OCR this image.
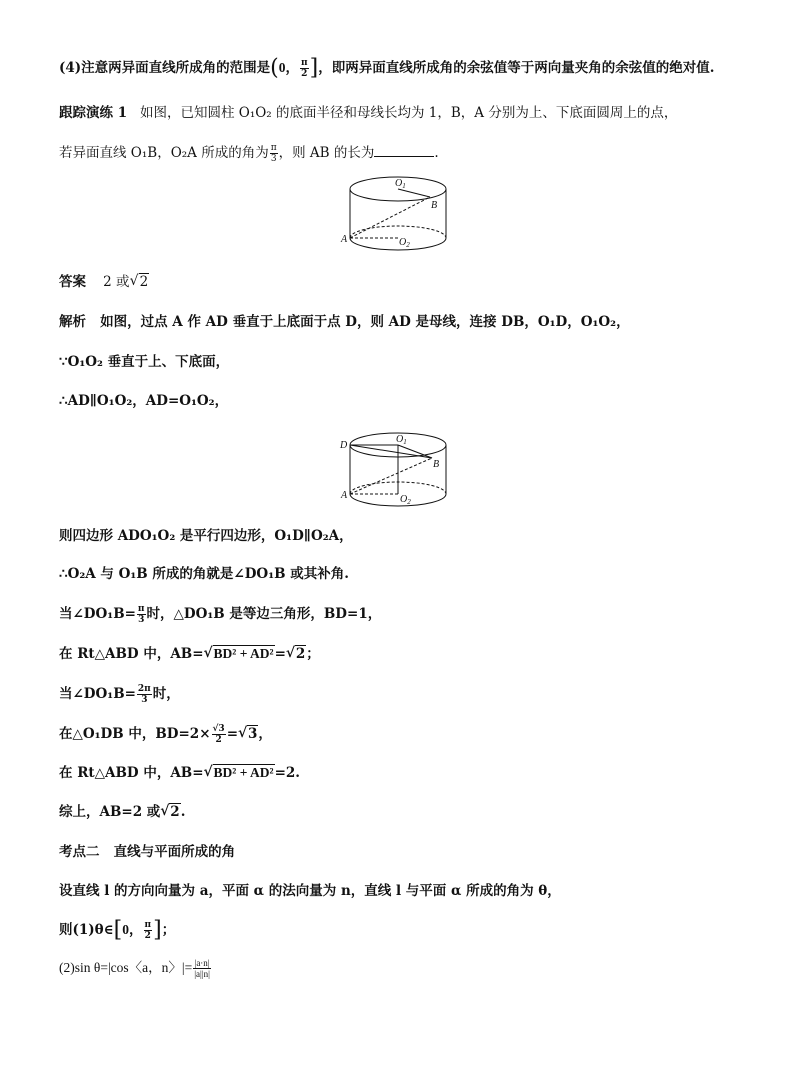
(4)注意两异面直线所成角的范围是(0， $\frac{\pi}{2}$ ]，即两异面直线所成角的余弦值等于两向量夹角的余弦值的绝对值.
跟踪演练 1 如图，已知圆柱 O₁O₂ 的底面半径和母线长均为 1，B，A 分别为上、下底面圆周上的点，
若异面直线 O₁B，O₂A 所成的角为 $\frac{\pi}{3}$ ，则 AB 的长为	.
$O_1$
B
A	$O_2$
答案 2 或 √ 2
解析 如图，过点 A 作 AD 垂直于上底面于点 D，则 AD 是母线，连接 DB，O₁D，O₁O₂，
∵O₁O₂ 垂直于上、下底面，
∴AD∥O₁O₂，AD=O₁O₂，
D
$O_1$
B
A	$O_2$
则四边形 ADO₁O₂ 是平行四边形，O₁D∥O₂A，
∴O₂A 与 O₁B 所成的角就是∠DO₁B 或其补角.
当∠DO₁B= $\frac{\pi}{3}$ 时，△DO₁B 是等边三角形，BD=1，
在 Rt△ABD 中，AB= √ BD² + AD²= √ 2；
当∠DO₁B= $\frac{2\pi}{3}$ 时，
在△O₁DB 中，$BD=2\times \frac{√3}{2}$ = √ 3，
在 Rt△ABD 中，AB= √ BD² + AD²=2.
综上，AB=2 或 √ 2.
考点二 直线与平面所成的角
设直线 l 的方向向量为 a，平面 α 的法向量为 n，直线 l 与平面 α 所成的角为 θ，
则(1)θ∈[0， $\frac{\pi}{2}$ ]；
(2)sin θ=|cos〈a，n〉|= $\frac{|a\cdot n|}{|a||n|}$
